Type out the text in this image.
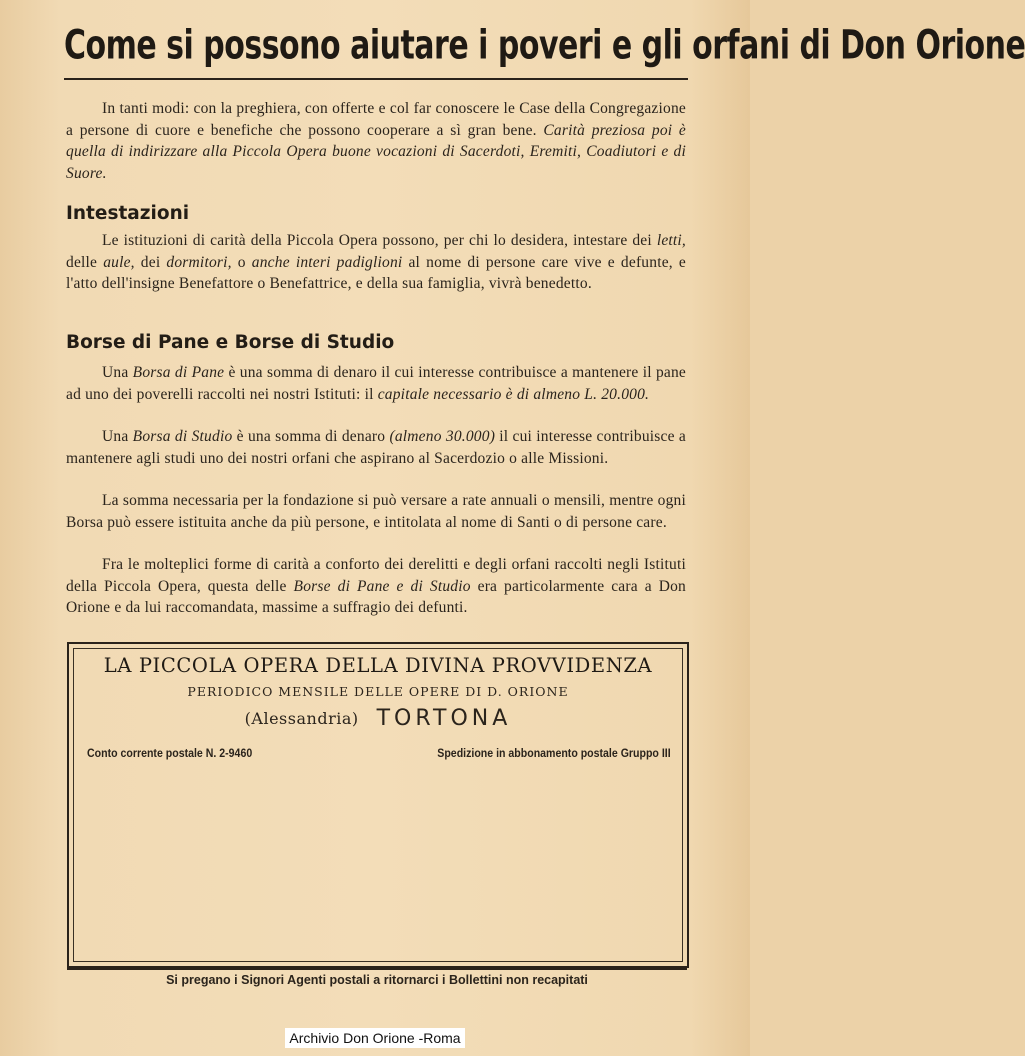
Come si possono aiutare i poveri e gli orfani di Don Orione
In tanti modi: con la preghiera, con offerte e col far conoscere le Case della Congregazione a persone di cuore e benefiche che possono cooperare a sì gran bene. Carità preziosa poi è quella di indirizzare alla Piccola Opera buone vocazioni di Sacerdoti, Eremiti, Coadiutori e di Suore.
Intestazioni
Le istituzioni di carità della Piccola Opera possono, per chi lo desidera, intestare dei letti, delle aule, dei dormitori, o anche interi padiglioni al nome di persone care vive e defunte, e l'atto dell'insigne Benefattore o Benefattrice, e della sua famiglia, vivrà benedetto.
Borse di Pane e Borse di Studio
Una Borsa di Pane è una somma di denaro il cui interesse contribuisce a mantenere il pane ad uno dei poverelli raccolti nei nostri Istituti: il capitale necessario è di almeno L. 20.000.
Una Borsa di Studio è una somma di denaro (almeno 30.000) il cui interesse contribuisce a mantenere agli studi uno dei nostri orfani che aspirano al Sacerdozio o alle Missioni.
La somma necessaria per la fondazione si può versare a rate annuali o mensili, mentre ogni Borsa può essere istituita anche da più persone, e intitolata al nome di Santi o di persone care.
Fra le molteplici forme di carità a conforto dei derelitti e degli orfani raccolti negli Istituti della Piccola Opera, questa delle Borse di Pane e di Studio era particolarmente cara a Don Orione e da lui raccomandata, massime a suffragio dei defunti.
LA PICCOLA OPERA DELLA DIVINA PROVVIDENZA
PERIODICO MENSILE DELLE OPERE DI D. ORIONE
(Alessandria) TORTONA
Conto corrente postale N. 2-9460	Spedizione in abbonamento postale Gruppo III
Si pregano i Signori Agenti postali a ritornarci i Bollettini non recapitati
Archivio Don Orione -Roma
